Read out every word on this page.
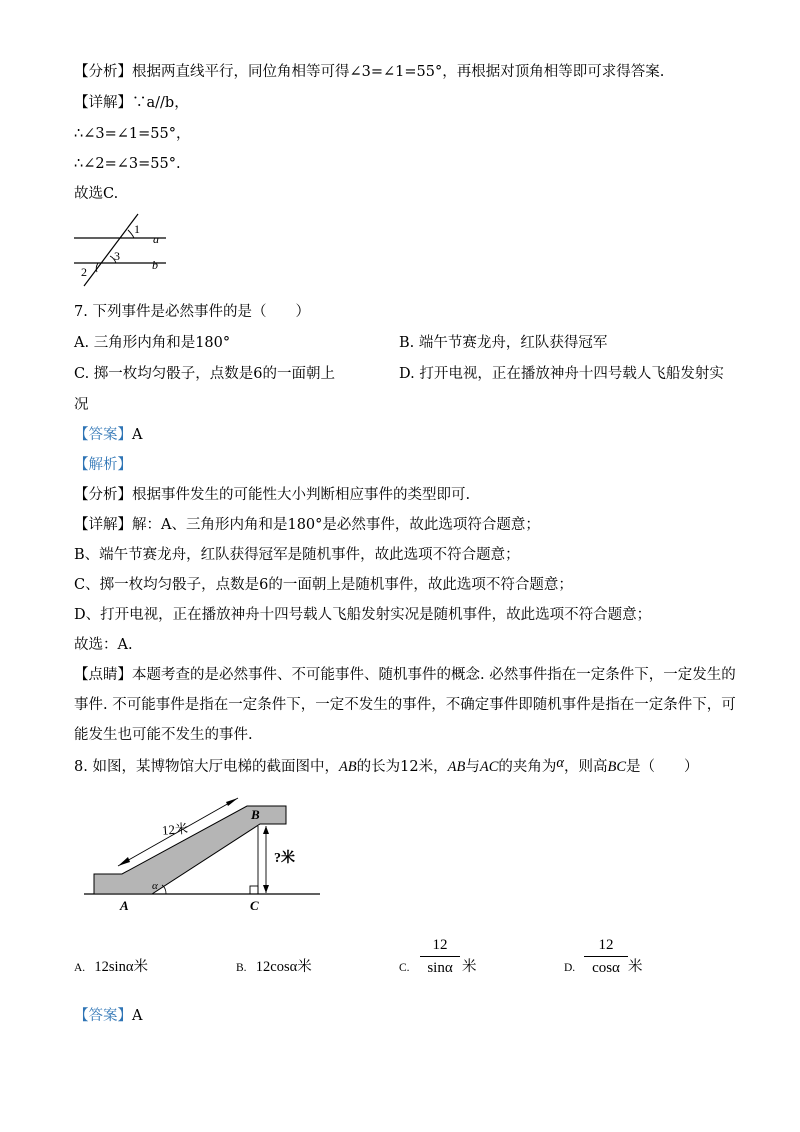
【分析】根据两直线平行，同位角相等可得∠3=∠1=55°，再根据对顶角相等即可求得答案.
【详解】∵a//b，
∴∠3=∠1=55°，
∴∠2=∠3=55°.
故选C.
1
a
3
2	b
7. 下列事件是必然事件的是（　　）
A. 三角形内角和是180°	B. 端午节赛龙舟，红队获得冠军
C. 掷一枚均匀骰子，点数是6的一面朝上	D. 打开电视，正在播放神舟十四号载人飞船发射实
况
【答案】A
【解析】
【分析】根据事件发生的可能性大小判断相应事件的类型即可.
【详解】解：A、三角形内角和是180°是必然事件，故此选项符合题意；
B、端午节赛龙舟，红队获得冠军是随机事件，故此选项不符合题意；
C、掷一枚均匀骰子，点数是6的一面朝上是随机事件，故此选项不符合题意；
D、打开电视，正在播放神舟十四号载人飞船发射实况是随机事件，故此选项不符合题意；
故选：A.
【点睛】本题考查的是必然事件、不可能事件、随机事件的概念. 必然事件指在一定条件下，一定发生的
事件. 不可能事件是指在一定条件下，一定不发生的事件，不确定事件即随机事件是指在一定条件下，可
能发生也可能不发生的事件.
8. 如图，某博物馆大厅电梯的截面图中，AB的长为12米，AB与AC的夹角为α，则高BC是（　　）
12米
?米
B
A	C
α
A. 12sinα米	B. 12cosα米	C.
12
sinα 米	D.
12
cosα 米
【答案】A
